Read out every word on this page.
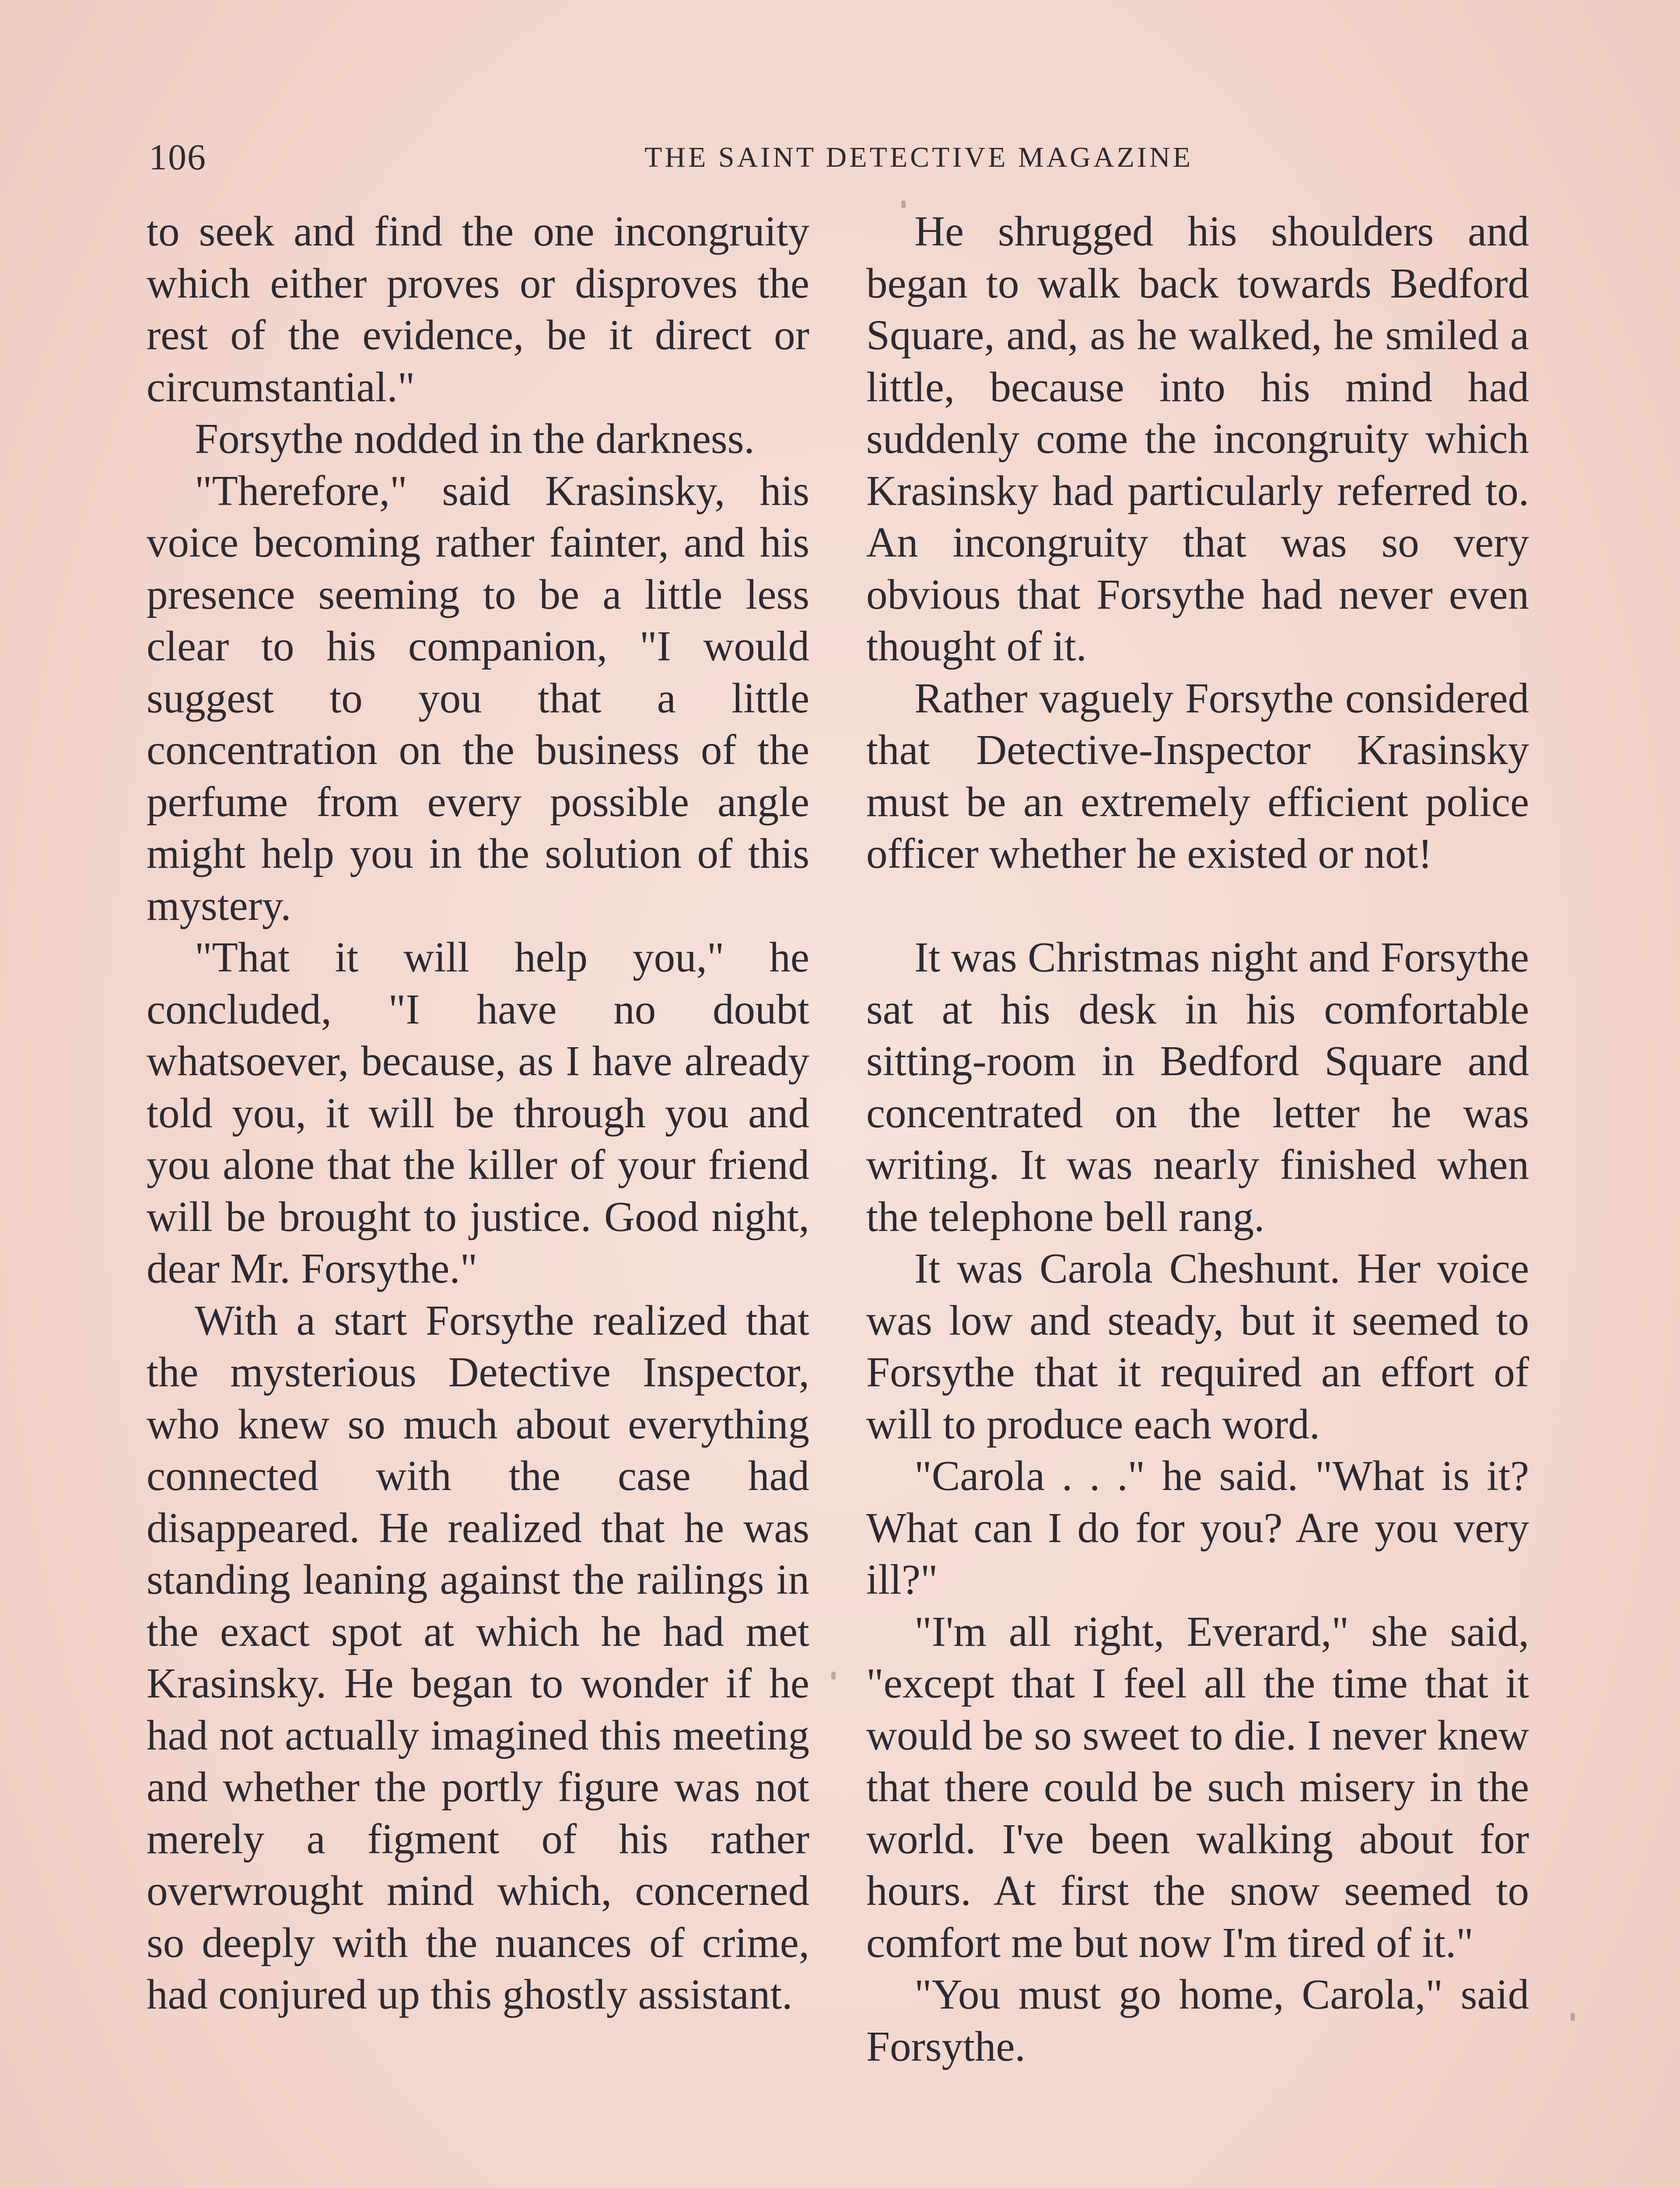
106	THE SAINT DETECTIVE MAGAZINE

to seek and find the one incongruity which either proves or disproves the rest of the evidence, be it direct or circumstantial."

Forsythe nodded in the darkness.

"Therefore," said Krasinsky, his voice becoming rather fainter, and his presence seeming to be a little less clear to his companion, "I would suggest to you that a little concentration on the business of the perfume from every possible angle might help you in the solution of this mystery.

"That it will help you," he concluded, "I have no doubt whatsoever, because, as I have already told you, it will be through you and you alone that the killer of your friend will be brought to justice. Good night, dear Mr. Forsythe."

With a start Forsythe realized that the mysterious Detective Inspector, who knew so much about everything connected with the case had disappeared. He realized that he was standing leaning against the railings in the exact spot at which he had met Krasinsky. He began to wonder if he had not actually imagined this meeting and whether the portly figure was not merely a figment of his rather overwrought mind which, concerned so deeply with the nuances of crime, had conjured up this ghostly assistant.

He shrugged his shoulders and began to walk back towards Bedford Square, and, as he walked, he smiled a little, because into his mind had suddenly come the incongruity which Krasinsky had particularly referred to. An incongruity that was so very obvious that Forsythe had never even thought of it.

Rather vaguely Forsythe considered that Detective-Inspector Krasinsky must be an extremely efficient police officer whether he existed or not!

It was Christmas night and Forsythe sat at his desk in his comfortable sitting-room in Bedford Square and concentrated on the letter he was writing. It was nearly finished when the telephone bell rang.

It was Carola Cheshunt. Her voice was low and steady, but it seemed to Forsythe that it required an effort of will to produce each word.

"Carola . . ." he said. "What is it? What can I do for you? Are you very ill?"

"I'm all right, Everard," she said, "except that I feel all the time that it would be so sweet to die. I never knew that there could be such misery in the world. I've been walking about for hours. At first the snow seemed to comfort me but now I'm tired of it."

"You must go home, Carola," said Forsythe.
